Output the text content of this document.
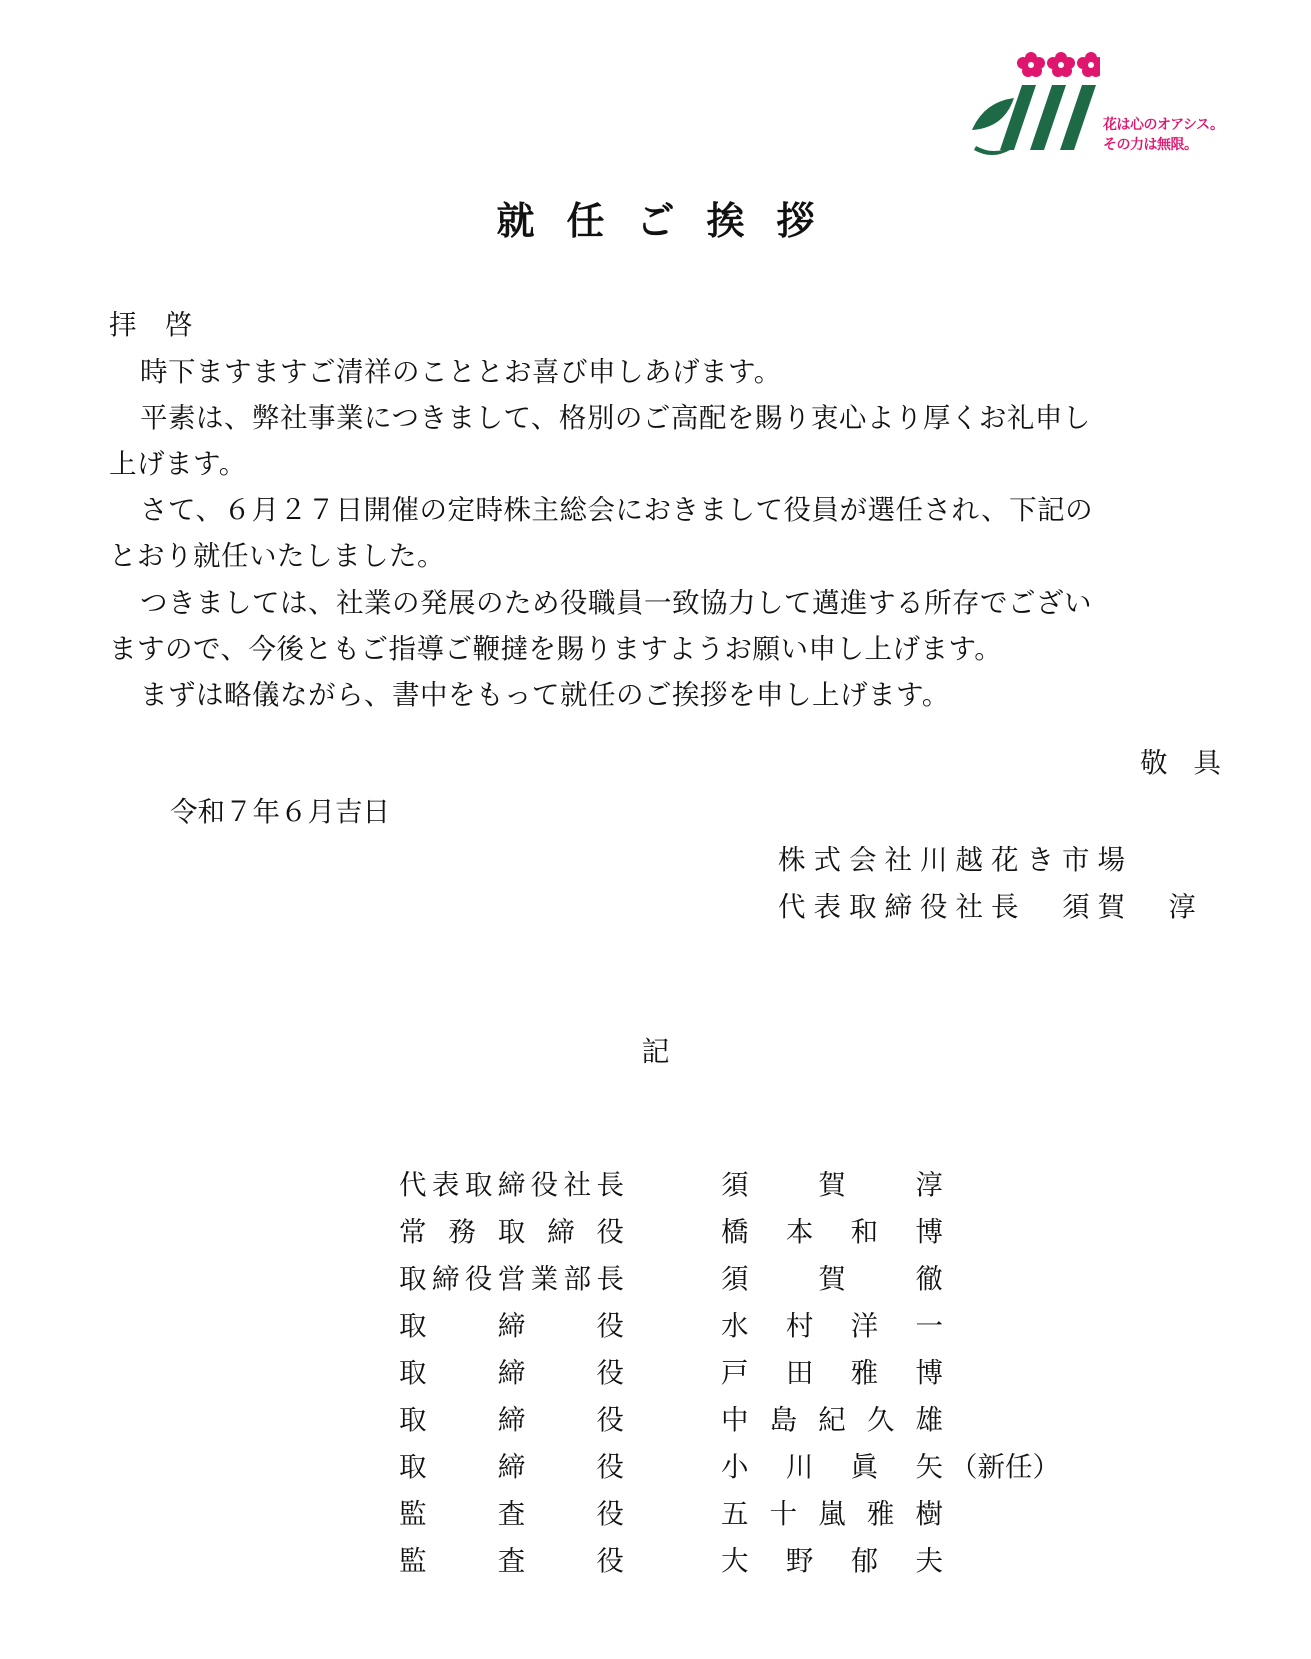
花は心のオアシス。
その力は無限。
就任ご挨拶
拝　啓
時下ますますご清祥のこととお喜び申しあげます。
平素は、弊社事業につきまして、格別のご高配を賜り衷心より厚くお礼申し
上げます。
さて、６月２７日開催の定時株主総会におきまして役員が選任され、下記の
とおり就任いたしました。
つきましては、社業の発展のため役職員一致協力して邁進する所存でござい
ますので、今後ともご指導ご鞭撻を賜りますようお願い申し上げます。
まずは略儀ながら、書中をもって就任のご挨拶を申し上げます。
敬具
令和７年６月吉日
株式会社川越花き市場
代表取締役社長　須賀　淳
記
代表取締役社長	須賀淳
常務取締役	橋本和博
取締役営業部長	須賀徹
取締役	水村洋一
取締役	戸田雅博
取締役	中島紀久雄
取締役	小川眞矢 （新任）
監査役	五十嵐雅樹
監査役	大野郁夫
